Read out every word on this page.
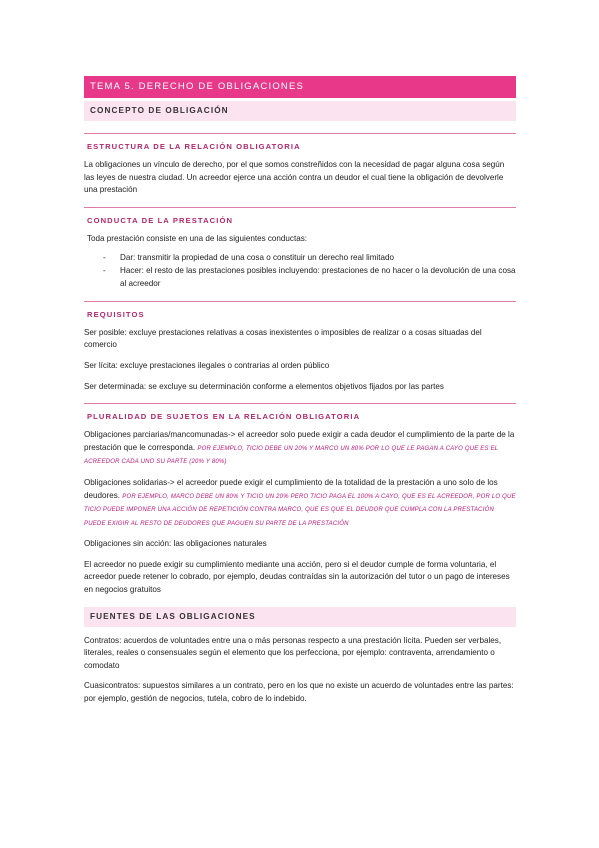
TEMA 5. DERECHO DE OBLIGACIONES
CONCEPTO DE OBLIGACIÓN
ESTRUCTURA DE LA RELACIÓN OBLIGATORIA

La obligaciones un vínculo de derecho, por el que somos constreñidos con la necesidad de pagar alguna cosa según las leyes de nuestra ciudad. Un acreedor ejerce una acción contra un deudor el cual tiene la obligación de devolverle una prestación

CONDUCTA DE LA PRESTACIÓN

Toda prestación consiste en una de las siguientes conductas:

- Dar: transmitir la propiedad de una cosa o constituir un derecho real limitado
- Hacer: el resto de las prestaciones posibles incluyendo: prestaciones de no hacer o la devolución de una cosa al acreedor
REQUISITOS

Ser posible: excluye prestaciones relativas a cosas inexistentes o imposibles de realizar o a cosas situadas del comercio

Ser lícita: excluye prestaciones ilegales o contrarias al orden público

Ser determinada: se excluye su determinación conforme a elementos objetivos fijados por las partes

PLURALIDAD DE SUJETOS EN LA RELACIÓN OBLIGATORIA

Obligaciones parciarias/mancomunadas-> el acreedor solo puede exigir a cada deudor el cumplimiento de la parte de la prestación que le corresponda. POR EJEMPLO, TICIO DEBE UN 20% Y MARCO UN 80% POR LO QUE LE PAGAN A CAYO QUE ES EL ACREEDOR CADA UNO SU PARTE (20% Y 80%)

Obligaciones solidarias-> el acreedor puede exigir el cumplimiento de la totalidad de la prestación a uno solo de los deudores. POR EJEMPLO, MARCO DEBE UN 80% Y TICIO UN 20% PERO TICIO PAGA EL 100% A CAYO, QUE ES EL ACREEDOR, POR LO QUE TICIO PUEDE IMPONER UNA ACCIÓN DE REPETICIÓN CONTRA MARCO, QUE ES QUE EL DEUDOR QUE CUMPLA CON LA PRESTACIÓN PUEDE EXIGIR AL RESTO DE DEUDORES QUE PAGUEN SU PARTE DE LA PRESTACIÓN

Obligaciones sin acción: las obligaciones naturales

El acreedor no puede exigir su cumplimiento mediante una acción, pero si el deudor cumple de forma voluntaria, el acreedor puede retener lo cobrado, por ejemplo, deudas contraídas sin la autorización del tutor o un pago de intereses en negocios gratuitos

FUENTES DE LAS OBLIGACIONES

Contratos: acuerdos de voluntades entre una o más personas respecto a una prestación lícita. Pueden ser verbales, literales, reales o consensuales según el elemento que los perfecciona, por ejemplo: contraventa, arrendamiento o comodato

Cuasicontratos: supuestos similares a un contrato, pero en los que no existe un acuerdo de voluntades entre las partes: por ejemplo, gestión de negocios, tutela, cobro de lo indebido.
